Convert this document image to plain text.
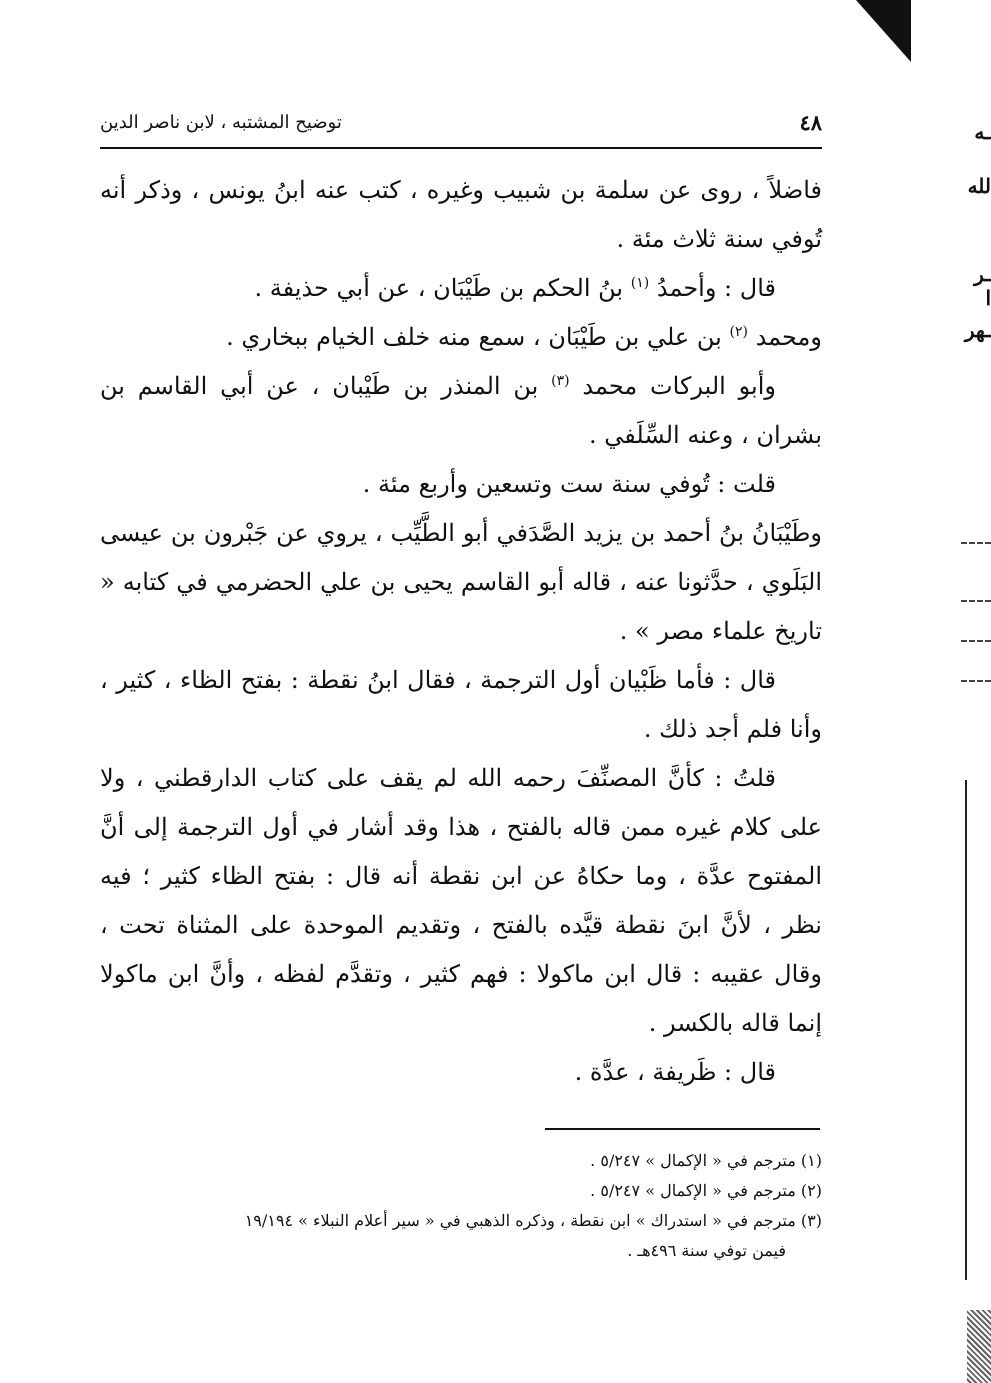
ـه
لله
ـر
ا
ـهر
٤٨
توضيح المشتبه ، لابن ناصر الدين

فاضلاً ، روى عن سلمة بن شبيب وغيره ، كتب عنه ابنُ يونس ، وذكر أنه تُوفي سنة ثلاث مئة .

قال : وأحمدُ $^{(١)}$ بنُ الحكم بن طَيْبَان ، عن أبي حذيفة .

ومحمد $^{(٢)}$ بن علي بن طَيْبَان ، سمع منه خلف الخيام ببخاري .

وأبو البركات محمد $^{(٣)}$ بن المنذر بن طَيْبان ، عن أبي القاسم بن بشران ، وعنه السِّلَفي .

قلت : تُوفي سنة ست وتسعين وأربع مئة .

وطَيْبَانُ بنُ أحمد بن يزيد الصَّدَفي أبو الطَّيِّب ، يروي عن جَبْرون بن عيسى البَلَوي ، حدَّثونا عنه ، قاله أبو القاسم يحيى بن علي الحضرمي في كتابه « تاريخ علماء مصر » .

قال : فأما ظَبْيان أول الترجمة ، فقال ابنُ نقطة : بفتح الظاء ، كثير ، وأنا فلم أجد ذلك .

قلتُ : كأنَّ المصنِّفَ رحمه الله لم يقف على كتاب الدارقطني ، ولا على كلام غيره ممن قاله بالفتح ، هذا وقد أشار في أول الترجمة إلى أنَّ المفتوح عدَّة ، وما حكاهُ عن ابن نقطة أنه قال : بفتح الظاء كثير ؛ فيه نظر ، لأنَّ ابنَ نقطة قيَّده بالفتح ، وتقديم الموحدة على المثناة تحت ، وقال عقيبه : قال ابن ماكولا : فهم كثير ، وتقدَّم لفظه ، وأنَّ ابن ماكولا إنما قاله بالكسر .

قال : ظَريفة ، عدَّة .

(١) مترجم في « الإكمال » ٥/٢٤٧ .

(٢) مترجم في « الإكمال » ٥/٢٤٧ .

(٣) مترجم في « استدراك » ابن نقطة ، وذكره الذهبي في « سير أعلام النبلاء » ١٩/١٩٤

فيمن توفي سنة ٤٩٦هـ .
